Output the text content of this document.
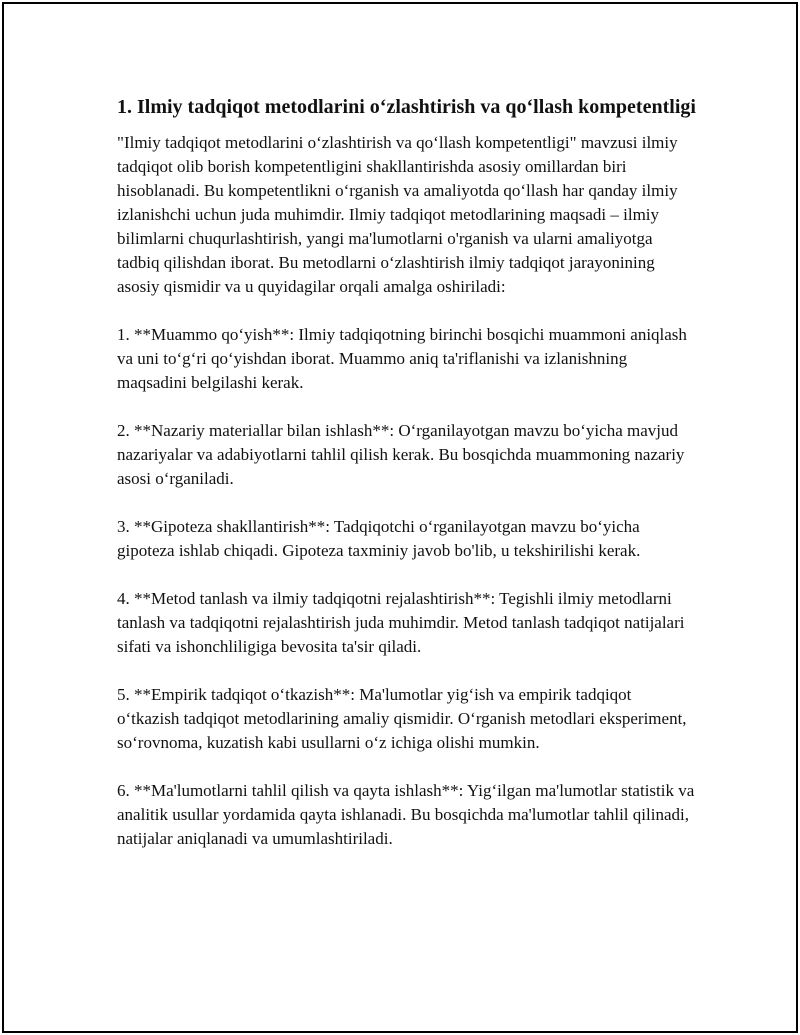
1. Ilmiy tadqiqot metodlarini o‘zlashtirish va qo‘llash kompetentligi

"Ilmiy tadqiqot metodlarini o‘zlashtirish va qo‘llash kompetentligi" mavzusi ilmiy tadqiqot olib borish kompetentligini shakllantirishda asosiy omillardan biri hisoblanadi. Bu kompetentlikni o‘rganish va amaliyotda qo‘llash har qanday ilmiy izlanishchi uchun juda muhimdir. Ilmiy tadqiqot metodlarining maqsadi – ilmiy bilimlarni chuqurlashtirish, yangi ma'lumotlarni o'rganish va ularni amaliyotga tadbiq qilishdan iborat. Bu metodlarni o‘zlashtirish ilmiy tadqiqot jarayonining asosiy qismidir va u quyidagilar orqali amalga oshiriladi:

1. **Muammo qo‘yish**: Ilmiy tadqiqotning birinchi bosqichi muammoni aniqlash va uni to‘g‘ri qo‘yishdan iborat. Muammo aniq ta'riflanishi va izlanishning maqsadini belgilashi kerak.

2. **Nazariy materiallar bilan ishlash**: O‘rganilayotgan mavzu bo‘yicha mavjud nazariyalar va adabiyotlarni tahlil qilish kerak. Bu bosqichda muammoning nazariy asosi o‘rganiladi.

3. **Gipoteza shakllantirish**: Tadqiqotchi o‘rganilayotgan mavzu bo‘yicha gipoteza ishlab chiqadi. Gipoteza taxminiy javob bo'lib, u tekshirilishi kerak.

4. **Metod tanlash va ilmiy tadqiqotni rejalashtirish**: Tegishli ilmiy metodlarni tanlash va tadqiqotni rejalashtirish juda muhimdir. Metod tanlash tadqiqot natijalari sifati va ishonchliligiga bevosita ta'sir qiladi.

5. **Empirik tadqiqot o‘tkazish**: Ma'lumotlar yig‘ish va empirik tadqiqot o‘tkazish tadqiqot metodlarining amaliy qismidir. O‘rganish metodlari eksperiment, so‘rovnoma, kuzatish kabi usullarni o‘z ichiga olishi mumkin.

6. **Ma'lumotlarni tahlil qilish va qayta ishlash**: Yig‘ilgan ma'lumotlar statistik va analitik usullar yordamida qayta ishlanadi. Bu bosqichda ma'lumotlar tahlil qilinadi, natijalar aniqlanadi va umumlashtiriladi.
